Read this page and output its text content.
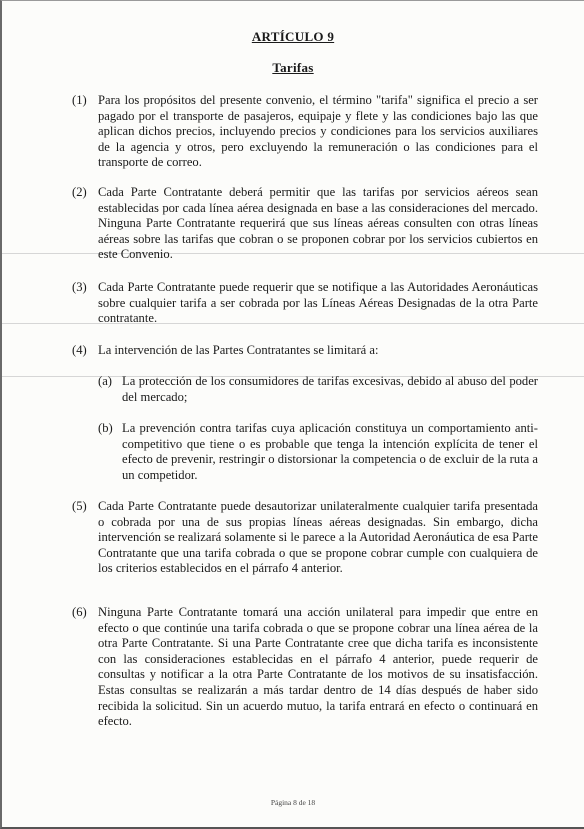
ARTÍCULO 9
Tarifas
(1) Para los propósitos del presente convenio, el término "tarifa" significa el precio a ser pagado por el transporte de pasajeros, equipaje y flete y las condiciones bajo las que aplican dichos precios, incluyendo precios y condiciones para los servicios auxiliares de la agencia y otros, pero excluyendo la remuneración o las condiciones para el transporte de correo.
(2) Cada Parte Contratante deberá permitir que las tarifas por servicios aéreos sean establecidas por cada línea aérea designada en base a las consideraciones del mercado. Ninguna Parte Contratante requerirá que sus líneas aéreas consulten con otras líneas aéreas sobre las tarifas que cobran o se proponen cobrar por los servicios cubiertos en este Convenio.
(3) Cada Parte Contratante puede requerir que se notifique a las Autoridades Aeronáuticas sobre cualquier tarifa a ser cobrada por las Líneas Aéreas Designadas de la otra Parte contratante.
(4) La intervención de las Partes Contratantes se limitará a:
(a) La protección de los consumidores de tarifas excesivas, debido al abuso del poder del mercado;
(b) La prevención contra tarifas cuya aplicación constituya un comportamiento anti-competitivo que tiene o es probable que tenga la intención explícita de tener el efecto de prevenir, restringir o distorsionar la competencia o de excluir de la ruta a un competidor.
(5) Cada Parte Contratante puede desautorizar unilateralmente cualquier tarifa presentada o cobrada por una de sus propias líneas aéreas designadas. Sin embargo, dicha intervención se realizará solamente si le parece a la Autoridad Aeronáutica de esa Parte Contratante que una tarifa cobrada o que se propone cobrar cumple con cualquiera de los criterios establecidos en el párrafo 4 anterior.
(6) Ninguna Parte Contratante tomará una acción unilateral para impedir que entre en efecto o que continúe una tarifa cobrada o que se propone cobrar una línea aérea de la otra Parte Contratante. Si una Parte Contratante cree que dicha tarifa es inconsistente con las consideraciones establecidas en el párrafo 4 anterior, puede requerir de consultas y notificar a la otra Parte Contratante de los motivos de su insatisfacción. Estas consultas se realizarán a más tardar dentro de 14 días después de haber sido recibida la solicitud. Sin un acuerdo mutuo, la tarifa entrará en efecto o continuará en efecto.
Página 8 de 18
